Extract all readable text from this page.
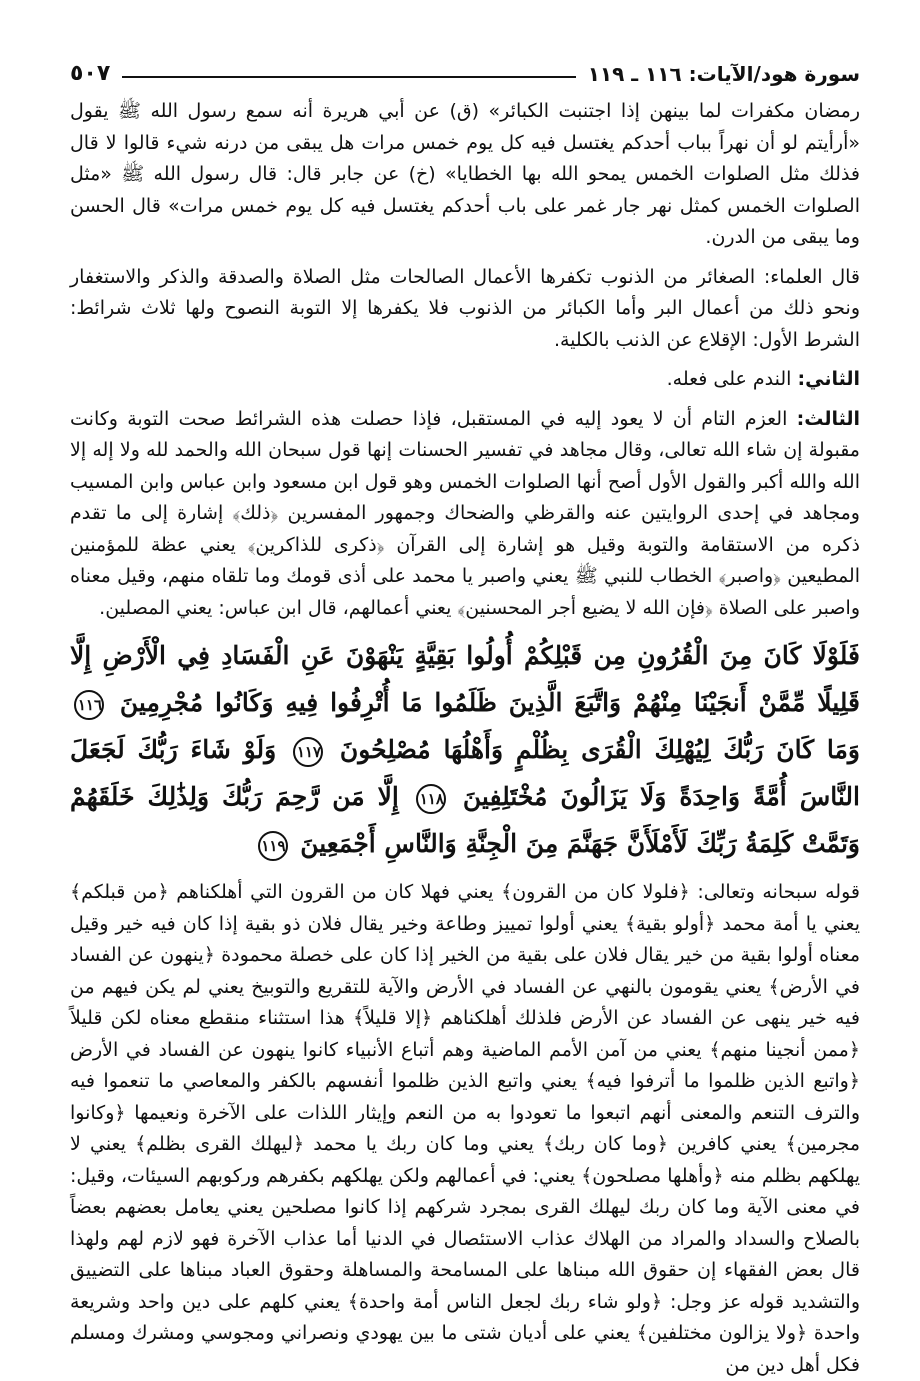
سورة هود/الآيات: ١١٦ ـ ١١٩
٥٠٧

رمضان مكفرات لما بينهن إذا اجتنبت الكبائر» (ق) عن أبي هريرة أنه سمع رسول الله ﷺ يقول «أرأيتم لو أن نهراً بباب أحدكم يغتسل فيه كل يوم خمس مرات هل يبقى من درنه شيء قالوا لا قال فذلك مثل الصلوات الخمس يمحو الله بها الخطايا» (خ) عن جابر قال: قال رسول الله ﷺ «مثل الصلوات الخمس كمثل نهر جار غمر على باب أحدكم يغتسل فيه كل يوم خمس مرات» قال الحسن وما يبقى من الدرن.

قال العلماء: الصغائر من الذنوب تكفرها الأعمال الصالحات مثل الصلاة والصدقة والذكر والاستغفار ونحو ذلك من أعمال البر وأما الكبائر من الذنوب فلا يكفرها إلا التوبة النصوح ولها ثلاث شرائط: الشرط الأول: الإقلاع عن الذنب بالكلية.

الثاني: الندم على فعله.

الثالث: العزم التام أن لا يعود إليه في المستقبل، فإذا حصلت هذه الشرائط صحت التوبة وكانت مقبولة إن شاء الله تعالى، وقال مجاهد في تفسير الحسنات إنها قول سبحان الله والحمد لله ولا إله إلا الله والله أكبر والقول الأول أصح أنها الصلوات الخمس وهو قول ابن مسعود وابن عباس وابن المسيب ومجاهد في إحدى الروايتين عنه والقرظي والضحاك وجمهور المفسرين ﴿ذلك﴾ إشارة إلى ما تقدم ذكره من الاستقامة والتوبة وقيل هو إشارة إلى القرآن ﴿ذكرى للذاكرين﴾ يعني عظة للمؤمنين المطيعين ﴿واصبر﴾ الخطاب للنبي ﷺ يعني واصبر يا محمد على أذى قومك وما تلقاه منهم، وقيل معناه واصبر على الصلاة ﴿فإن الله لا يضيع أجر المحسنين﴾ يعني أعمالهم، قال ابن عباس: يعني المصلين.

فَلَوْلَا كَانَ مِنَ الْقُرُونِ مِن قَبْلِكُمْ أُولُوا بَقِيَّةٍ يَنْهَوْنَ عَنِ الْفَسَادِ فِي الْأَرْضِ إِلَّا قَلِيلًا مِّمَّنْ أَنجَيْنَا مِنْهُمْ وَاتَّبَعَ الَّذِينَ ظَلَمُوا مَا أُتْرِفُوا فِيهِ وَكَانُوا مُجْرِمِينَ ١١٦ وَمَا كَانَ رَبُّكَ لِيُهْلِكَ الْقُرَى بِظُلْمٍ وَأَهْلُهَا مُصْلِحُونَ ١١٧ وَلَوْ شَاءَ رَبُّكَ لَجَعَلَ النَّاسَ أُمَّةً وَاحِدَةً وَلَا يَزَالُونَ مُخْتَلِفِينَ ١١٨ إِلَّا مَن رَّحِمَ رَبُّكَ وَلِذَٰلِكَ خَلَقَهُمْ وَتَمَّتْ كَلِمَةُ رَبِّكَ لَأَمْلَأَنَّ جَهَنَّمَ مِنَ الْجِنَّةِ وَالنَّاسِ أَجْمَعِينَ ١١٩

قوله سبحانه وتعالى: ﴿فلولا كان من القرون﴾ يعني فهلا كان من القرون التي أهلكناهم ﴿من قبلكم﴾ يعني يا أمة محمد ﴿أولو بقية﴾ يعني أولوا تمييز وطاعة وخير يقال فلان ذو بقية إذا كان فيه خير وقيل معناه أولوا بقية من خير يقال فلان على بقية من الخير إذا كان على خصلة محمودة ﴿ينهون عن الفساد في الأرض﴾ يعني يقومون بالنهي عن الفساد في الأرض والآية للتقريع والتوبيخ يعني لم يكن فيهم من فيه خير ينهى عن الفساد عن الأرض فلذلك أهلكناهم ﴿إلا قليلاً﴾ هذا استثناء منقطع معناه لكن قليلاً ﴿ممن أنجينا منهم﴾ يعني من آمن الأمم الماضية وهم أتباع الأنبياء كانوا ينهون عن الفساد في الأرض ﴿واتبع الذين ظلموا ما أترفوا فيه﴾ يعني واتبع الذين ظلموا أنفسهم بالكفر والمعاصي ما تنعموا فيه والترف التنعم والمعنى أنهم اتبعوا ما تعودوا به من النعم وإيثار اللذات على الآخرة ونعيمها ﴿وكانوا مجرمين﴾ يعني كافرين ﴿وما كان ربك﴾ يعني وما كان ربك يا محمد ﴿ليهلك القرى بظلم﴾ يعني لا يهلكهم بظلم منه ﴿وأهلها مصلحون﴾ يعني: في أعمالهم ولكن يهلكهم بكفرهم وركوبهم السيئات، وقيل: في معنى الآية وما كان ربك ليهلك القرى بمجرد شركهم إذا كانوا مصلحين يعني يعامل بعضهم بعضاً بالصلاح والسداد والمراد من الهلاك عذاب الاستئصال في الدنيا أما عذاب الآخرة فهو لازم لهم ولهذا قال بعض الفقهاء إن حقوق الله مبناها على المسامحة والمساهلة وحقوق العباد مبناها على التضييق والتشديد قوله عز وجل: ﴿ولو شاء ربك لجعل الناس أمة واحدة﴾ يعني كلهم على دين واحد وشريعة واحدة ﴿ولا يزالون مختلفين﴾ يعني على أديان شتى ما بين يهودي ونصراني ومجوسي ومشرك ومسلم فكل أهل دين من
